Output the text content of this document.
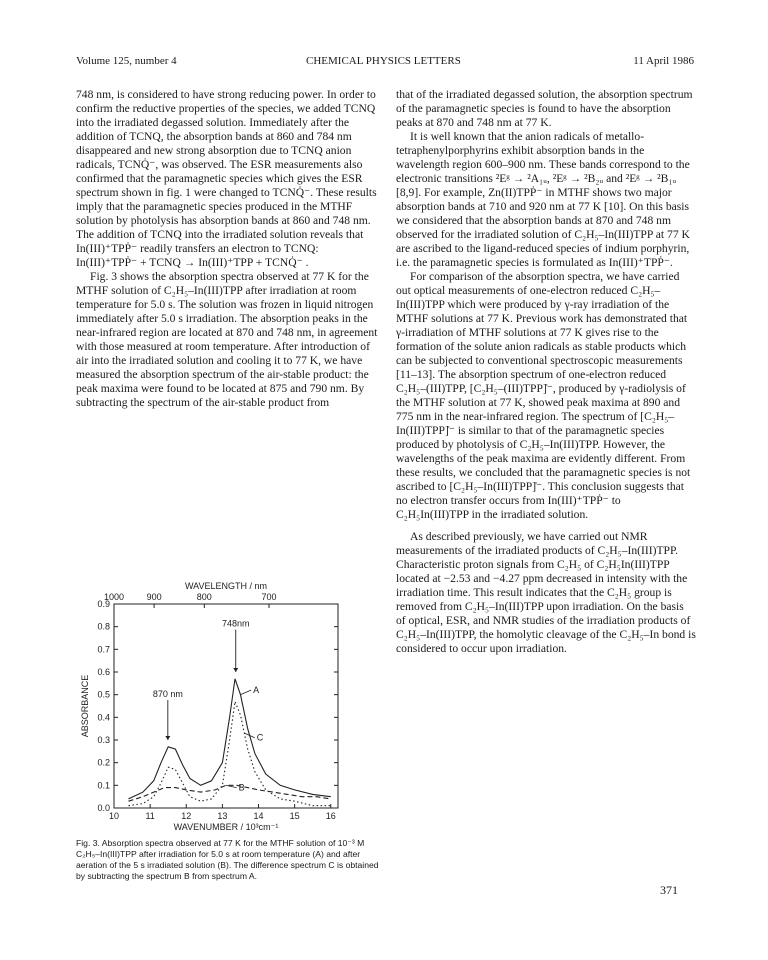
Volume 125, number 4	CHEMICAL PHYSICS LETTERS	11 April 1986

748 nm, is considered to have strong reducing power. In order to confirm the reductive properties of the species, we added TCNQ into the irradiated degassed solution. Immediately after the addition of TCNQ, the absorption bands at 860 and 784 nm disappeared and new strong absorption due to TCNQ anion radicals, TCNQ̇⁻, was observed. The ESR measurements also confirmed that the paramagnetic species which gives the ESR spectrum shown in fig. 1 were changed to TCNQ̇⁻. These results imply that the paramagnetic species produced in the MTHF solution by photolysis has absorption bands at 860 and 748 nm. The addition of TCNQ into the irradiated solution reveals that In(III)⁺TPṖ⁻ readily transfers an electron to TCNQ:

In(III)⁺TPṖ⁻ + TCNQ → In(III)⁺TPP + TCNQ̇⁻ .

Fig. 3 shows the absorption spectra observed at 77 K for the MTHF solution of C₂H₅–In(III)TPP after irradiation at room temperature for 5.0 s. The solution was frozen in liquid nitrogen immediately after 5.0 s irradiation. The absorption peaks in the near-infrared region are located at 870 and 748 nm, in agreement with those measured at room temperature. After introduction of air into the irradiated solution and cooling it to 77 K, we have measured the absorption spectrum of the air-stable product: the peak maxima were found to be located at 875 and 790 nm. By subtracting the spectrum of the air-stable product from

0.0
0.1
0.2
0.3
0.4
0.5
0.6
0.7
0.8
0.9
10	11	12	13	14	15	16
1000	900	800	700
WAVELENGTH / nm
WAVENUMBER / 10³cm⁻¹
ABSORBANCE	A
C
B
748nm
870 nm
Fig. 3. Absorption spectra observed at 77 K for the MTHF solution of 10⁻³ M C₂H₅–In(III)TPP after irradiation for 5.0 s at room temperature (A) and after aeration of the 5 s irradiated solution (B). The difference spectrum C is obtained by subtracting the spectrum B from spectrum A.

that of the irradiated degassed solution, the absorption spectrum of the paramagnetic species is found to have the absorption peaks at 870 and 748 nm at 77 K.

It is well known that the anion radicals of metallo-tetraphenylporphyrins exhibit absorption bands in the wavelength region 600–900 nm. These bands correspond to the electronic transitions ²Eᵍ → ²A₁ᵤ, ²Eᵍ → ²B₂ᵤ and ²Eᵍ → ²B₁ᵤ [8,9]. For example, Zn(II)TPṖ⁻ in MTHF shows two major absorption bands at 710 and 920 nm at 77 K [10]. On this basis we considered that the absorption bands at 870 and 748 nm observed for the irradiated solution of C₂H₅–In(III)TPP at 77 K are ascribed to the ligand-reduced species of indium porphyrin, i.e. the paramagnetic species is formulated as In(III)⁺TPṖ⁻.

For comparison of the absorption spectra, we have carried out optical measurements of one-electron reduced C₂H₅–In(III)TPP which were produced by γ-ray irradiation of the MTHF solutions at 77 K. Previous work has demonstrated that γ-irradiation of MTHF solutions at 77 K gives rise to the formation of the solute anion radicals as stable products which can be subjected to conventional spectroscopic measurements [11–13]. The absorption spectrum of one-electron reduced C₂H₅–(III)TPP, [C₂H₅–(III)TPP]̇⁻, produced by γ-radiolysis of the MTHF solution at 77 K, showed peak maxima at 890 and 775 nm in the near-infrared region. The spectrum of [C₂H₅–In(III)TPP]̇⁻ is similar to that of the paramagnetic species produced by photolysis of C₂H₅–In(III)TPP. However, the wavelengths of the peak maxima are evidently different. From these results, we concluded that the paramagnetic species is not ascribed to [C₂H₅–In(III)TPP]̇⁻. This conclusion suggests that no electron transfer occurs from In(III)⁺TPṖ⁻ to C₂H₅In(III)TPP in the irradiated solution.

As described previously, we have carried out NMR measurements of the irradiated products of C₂H₅–In(III)TPP. Characteristic proton signals from C₂H₅ of C₂H₅In(III)TPP located at −2.53 and −4.27 ppm decreased in intensity with the irradiation time. This result indicates that the C₂H₅ group is removed from C₂H₅–In(III)TPP upon irradiation. On the basis of optical, ESR, and NMR studies of the irradiation products of C₂H₅–In(III)TPP, the homolytic cleavage of the C₂H₅–In bond is considered to occur upon irradiation.

371
